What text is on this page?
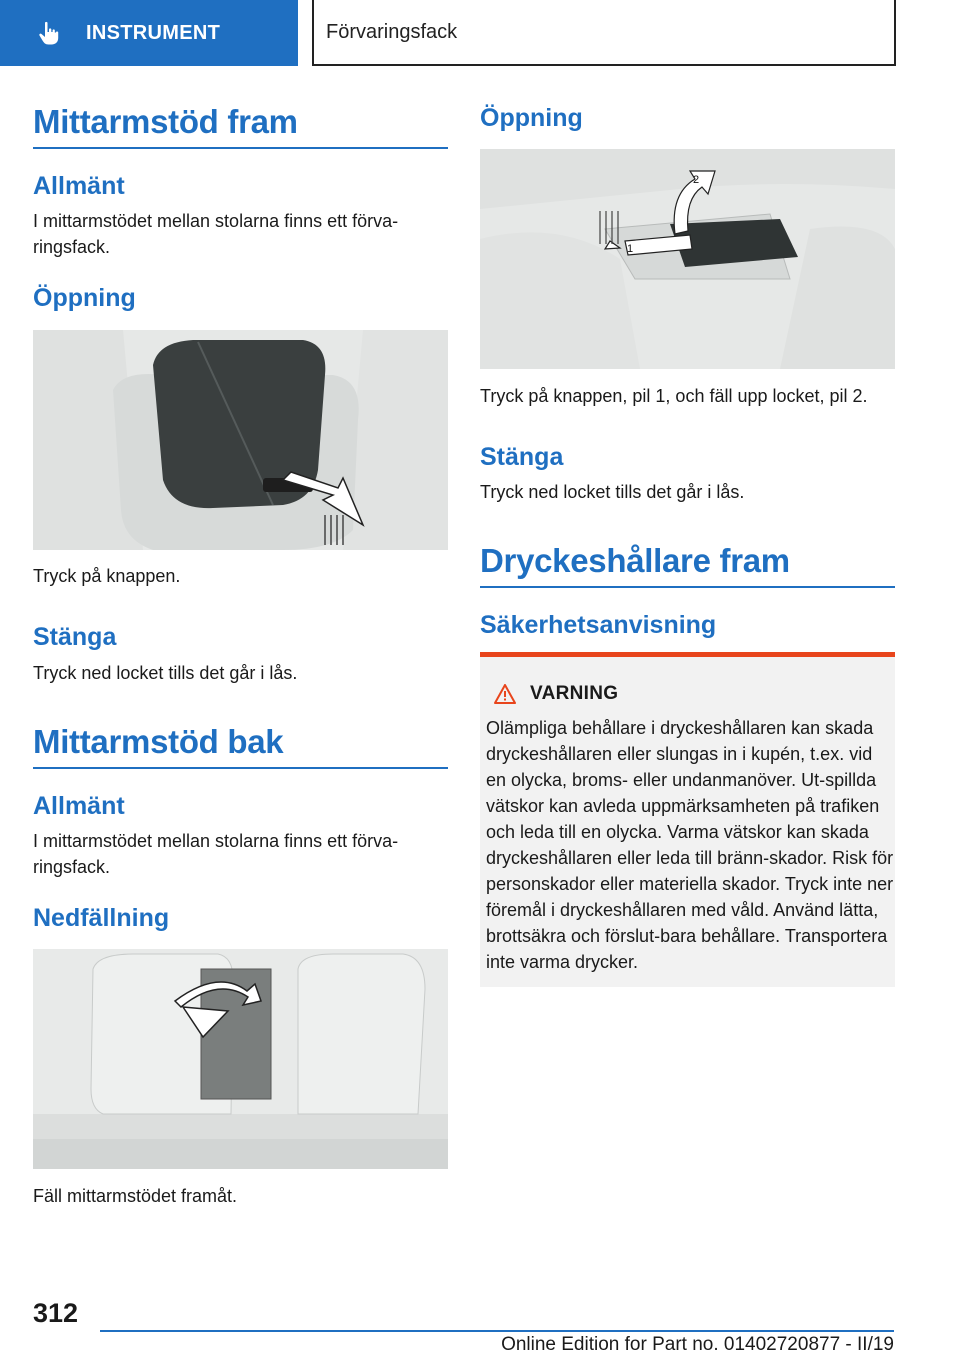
INSTRUMENT	Förvaringsfack
Mittarmstöd fram
Allmänt
I mittarmstödet mellan stolarna finns ett förva-ringsfack.
Öppning
Tryck på knappen.
Stänga
Tryck ned locket tills det går i lås.
Mittarmstöd bak
Allmänt
I mittarmstödet mellan stolarna finns ett förva-ringsfack.
Nedfällning
Fäll mittarmstödet framåt.
Öppning
1
2
Tryck på knappen, pil 1, och fäll upp locket, pil 2.
Stänga
Tryck ned locket tills det går i lås.
Dryckeshållare fram
Säkerhetsanvisning
VARNING
Olämpliga behållare i dryckeshållaren kan skada dryckeshållaren eller slungas in i kupén, t.ex. vid en olycka, broms- eller undanmanöver. Ut-spillda vätskor kan avleda uppmärksamheten på trafiken och leda till en olycka. Varma vätskor kan skada dryckeshållaren eller leda till bränn-skador. Risk för personskador eller materiella skador. Tryck inte ner föremål i dryckeshållaren med våld. Använd lätta, brottsäkra och förslut-bara behållare. Transportera inte varma drycker.
312
Online Edition for Part no. 01402720877 - II/19
